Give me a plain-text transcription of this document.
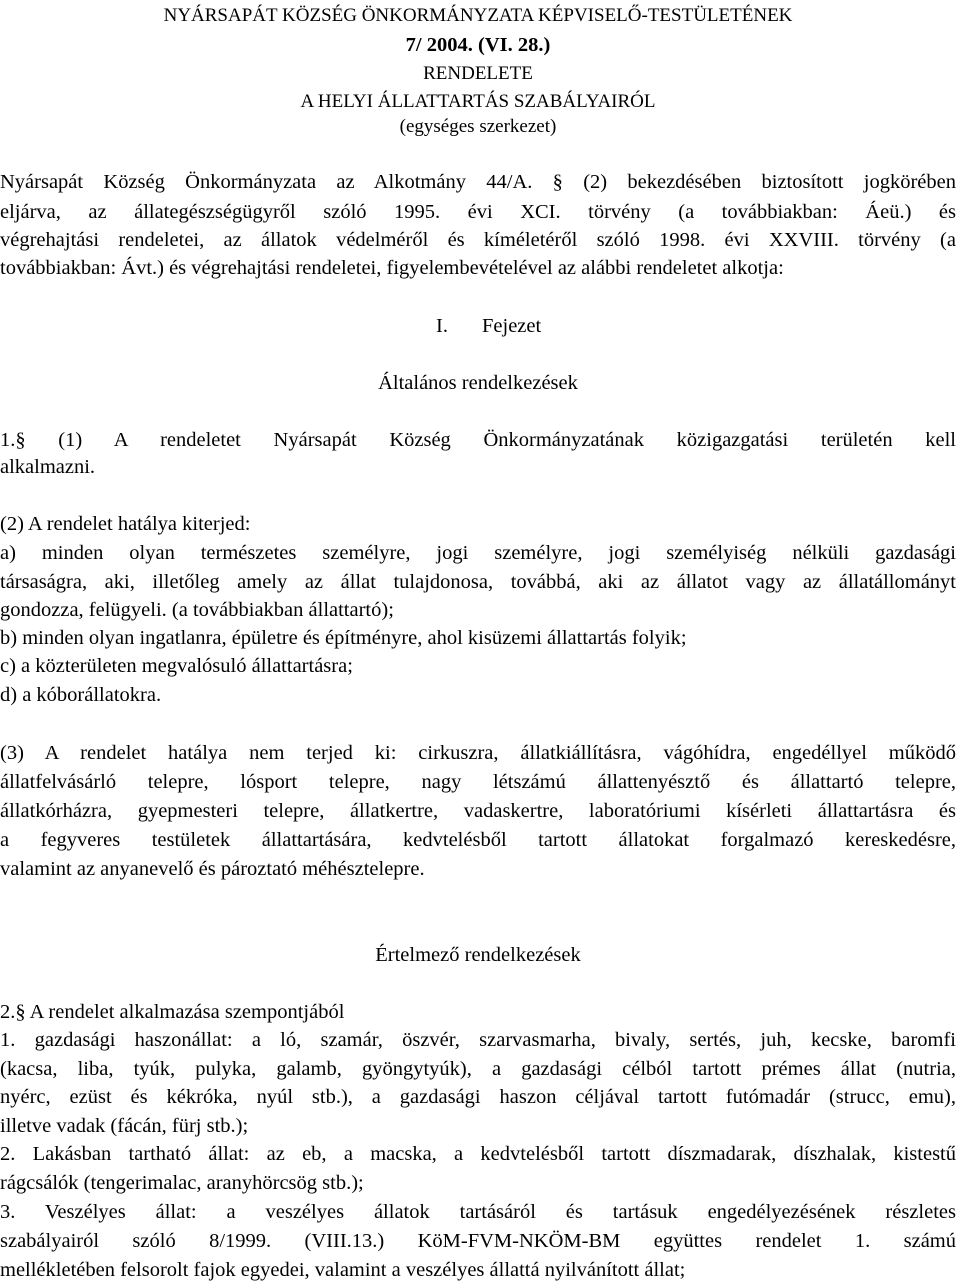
NYÁRSAPÁT KÖZSÉG ÖNKORMÁNYZATA KÉPVISELŐ-TESTÜLETÉNEK
7/ 2004. (VI. 28.)
RENDELETE
A HELYI ÁLLATTARTÁS SZABÁLYAIRÓL
(egységes szerkezet)
Nyársapát Község Önkormányzata az Alkotmány 44/A. § (2) bekezdésében biztosított jogkörében
eljárva, az állategészségügyről szóló 1995. évi XCI. törvény (a továbbiakban: Áeü.) és
végrehajtási rendeletei, az állatok védelméről és kíméletéről szóló 1998. évi XXVIII. törvény (a
továbbiakban: Ávt.) és végrehajtási rendeletei, figyelembevételével az alábbi rendeletet alkotja:
I. Fejezet
Általános rendelkezések
1.§ (1) A rendeletet Nyársapát Község Önkormányzatának közigazgatási területén kell
alkalmazni.
(2) A rendelet hatálya kiterjed:
a) minden olyan természetes személyre, jogi személyre, jogi személyiség nélküli gazdasági
társaságra, aki, illetőleg amely az állat tulajdonosa, továbbá, aki az állatot vagy az állatállományt
gondozza, felügyeli. (a továbbiakban állattartó);
b) minden olyan ingatlanra, épületre és építményre, ahol kisüzemi állattartás folyik;
c) a közterületen megvalósuló állattartásra;
d) a kóborállatokra.
(3) A rendelet hatálya nem terjed ki: cirkuszra, állatkiállításra, vágóhídra, engedéllyel működő
állatfelvásárló telepre, lósport telepre, nagy létszámú állattenyésztő és állattartó telepre,
állatkórházra, gyepmesteri telepre, állatkertre, vadaskertre, laboratóriumi kísérleti állattartásra és
a fegyveres testületek állattartására, kedvtelésből tartott állatokat forgalmazó kereskedésre,
valamint az anyanevelő és pároztató méhésztelepre.
Értelmező rendelkezések
2.§ A rendelet alkalmazása szempontjából
1. gazdasági haszonállat: a ló, szamár, öszvér, szarvasmarha, bivaly, sertés, juh, kecske, baromfi
(kacsa, liba, tyúk, pulyka, galamb, gyöngytyúk), a gazdasági célból tartott prémes állat (nutria,
nyérc, ezüst és kékróka, nyúl stb.), a gazdasági haszon céljával tartott futómadár (strucc, emu),
illetve vadak (fácán, fürj stb.);
2. Lakásban tartható állat: az eb, a macska, a kedvtelésből tartott díszmadarak, díszhalak, kistestű
rágcsálók (tengerimalac, aranyhörcsög stb.);
3. Veszélyes állat: a veszélyes állatok tartásáról és tartásuk engedélyezésének részletes
szabályairól szóló 8/1999. (VIII.13.) KöM-FVM-NKÖM-BM együttes rendelet 1. számú
mellékletében felsorolt fajok egyedei, valamint a veszélyes állattá nyilvánított állat;
